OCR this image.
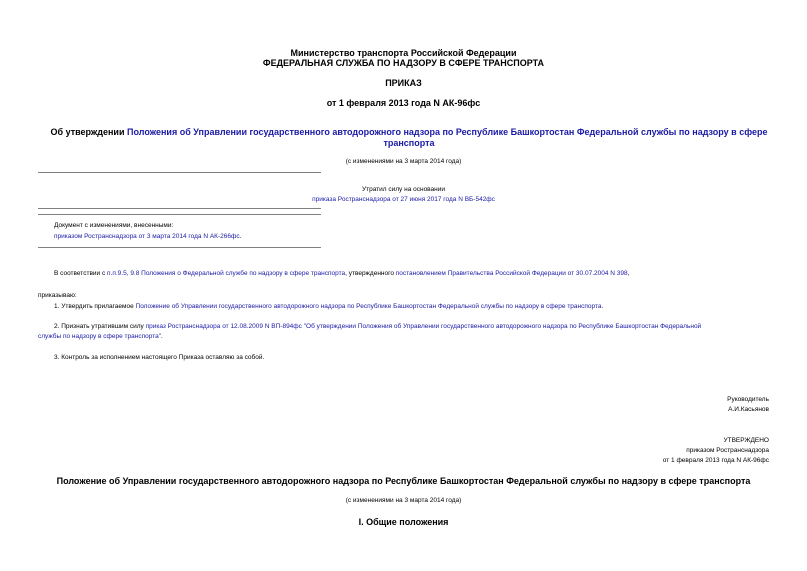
Министерство транспорта Российской Федерации
ФЕДЕРАЛЬНАЯ СЛУЖБА ПО НАДЗОРУ В СФЕРЕ ТРАНСПОРТА
ПРИКАЗ
от 1 февраля 2013 года N АК-96фс
Об утверждении Положения об Управлении государственного автодорожного надзора по Республике Башкортостан Федеральной службы по надзору в сфере
транспорта
(с изменениями на 3 марта 2014 года)
Утратил силу на основании
приказа Ространснадзора от 27 июня 2017 года N ВБ-542фс
Документ с изменениями, внесенными:
приказом Ространснадзора от 3 марта 2014 года N АК-266фс.
В соответствии с п.п.9.5, 9.8 Положения о Федеральной службе по надзору в сфере транспорта, утвержденного постановлением Правительства Российской Федерации от 30.07.2004 N 398,
приказываю:
1. Утвердить прилагаемое Положение об Управлении государственного автодорожного надзора по Республике Башкортостан Федеральной службы по надзору в сфере транспорта.
2. Признать утратившим силу приказ Ространснадзора от 12.08.2009 N ВП-894фс "Об утверждении Положения об Управлении государственного автодорожного надзора по Республике Башкортостан Федеральной
службы по надзору в сфере транспорта".
3. Контроль за исполнением настоящего Приказа оставляю за собой.
Руководитель
А.И.Касьянов
УТВЕРЖДЕНО
приказом Ространснадзора
от 1 февраля 2013 года N АК-96фс
Положение об Управлении государственного автодорожного надзора по Республике Башкортостан Федеральной службы по надзору в сфере транспорта
(с изменениями на 3 марта 2014 года)
I. Общие положения
